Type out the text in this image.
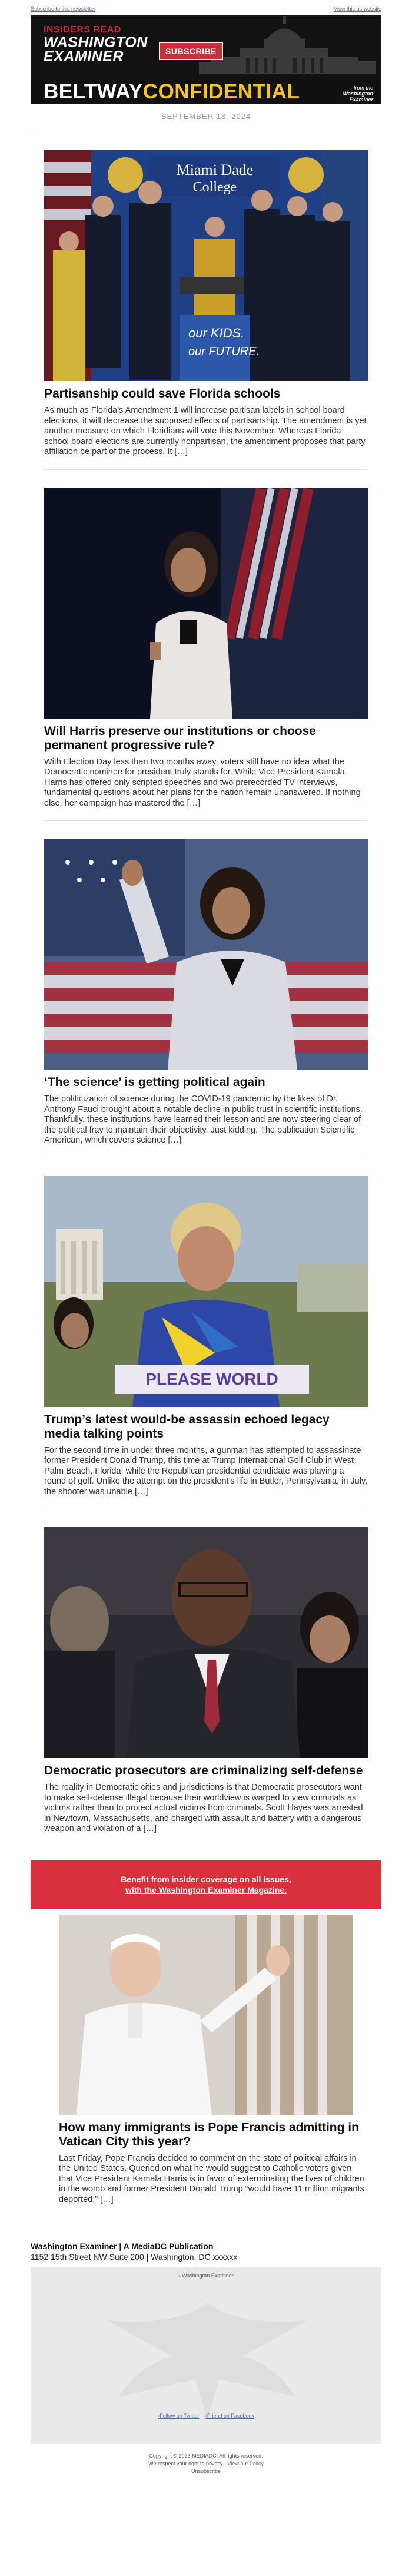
Subscribe to this newsletter	View this as website
INSIDERS READ
WASHINGTON
EXAMINER	SUBSCRIBE
BELTWAYCONFIDENTIAL	from the
Washington
Examiner
SEPTEMBER 18, 2024
Miami Dade
College
our KIDS.
our FUTURE.
Partisanship could save Florida schools
As much as Florida’s Amendment 1 will increase partisan labels in school board elections, it will decrease the supposed effects of partisanship. The amendment is yet another measure on which Floridians will vote this November. Whereas Florida school board elections are currently nonpartisan, the amendment proposes that party affiliation be part of the process. It […]
Will Harris preserve our institutions or choose permanent progressive rule?
With Election Day less than two months away, voters still have no idea what the Democratic nominee for president truly stands for. While Vice President Kamala Harris has offered only scripted speeches and two prerecorded TV interviews, fundamental questions about her plans for the nation remain unanswered. If nothing else, her campaign has mastered the […]
‘The science’ is getting political again
The politicization of science during the COVID-19 pandemic by the likes of Dr. Anthony Fauci brought about a notable decline in public trust in scientific institutions. Thankfully, these institutions have learned their lesson and are now steering clear of the political fray to maintain their objectivity. Just kidding. The publication Scientific American, which covers science […]
PLEASE WORLD
Trump’s latest would-be assassin echoed legacy media talking points
For the second time in under three months, a gunman has attempted to assassinate former President Donald Trump, this time at Trump International Golf Club in West Palm Beach, Florida, while the Republican presidential candidate was playing a round of golf. Unlike the attempt on the president’s life in Butler, Pennsylvania, in July, the shooter was unable […]
Democratic prosecutors are criminalizing self-defense
The reality in Democratic cities and jurisdictions is that Democratic prosecutors want to make self-defense illegal because their worldview is warped to view criminals as victims rather than to protect actual victims from criminals. Scott Hayes was arrested in Newtown, Massachusetts, and charged with assault and battery with a dangerous weapon and violation of a […]
Benefit from insider coverage on all issues,
with the Washington Examiner Magazine.
How many immigrants is Pope Francis admitting in Vatican City this year?
Last Friday, Pope Francis decided to comment on the state of political affairs in the United States. Queried on what he would suggest to Catholic voters given that Vice President Kamala Harris is in favor of exterminating the lives of children in the womb and former President Donald Trump “would have 11 million migrants deported,” […]
Washington Examiner | A MediaDC Publication
1152 15th Street NW Suite 200 | Washington, DC xxxxxx
▫ Washington Examiner
▫Follow on Twitter ▫Friend on Facebook
Copyright © 2023 MEDIADC. All rights reserved.
We respect your right to privacy - View our Policy
Unsubscribe
